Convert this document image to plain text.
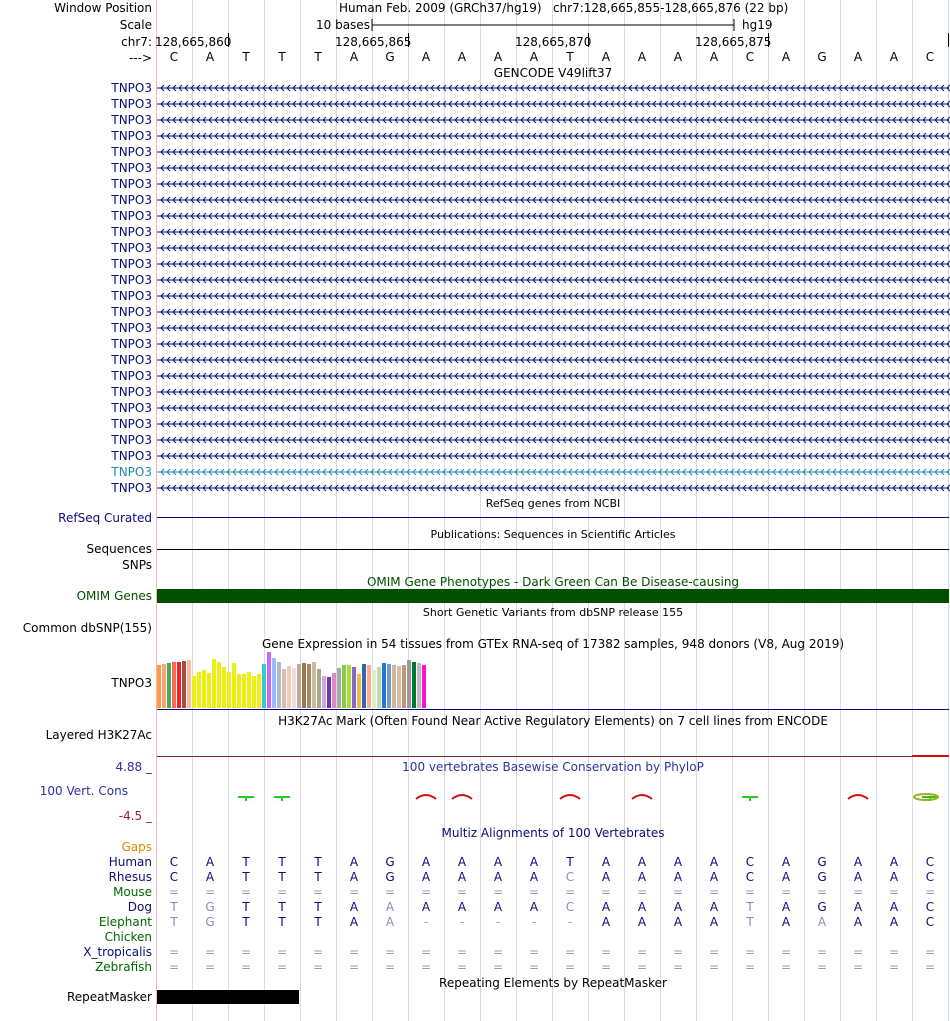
Window Position
Scale
chr7:
--->
Human Feb. 2009 (GRCh37/hg19)   chr7:128,665,855-128,665,876 (22 bp)
10 bases	hg19
128,665,860	128,665,865	128,665,870	128,665,875
C	A	T	T	T	A	G	A	A	A	A	T	A	A	A	A	C	A	G	A	A	C
GENCODE V49lift37
TNPO3
TNPO3
TNPO3
TNPO3
TNPO3
TNPO3
TNPO3
TNPO3
TNPO3
TNPO3
TNPO3
TNPO3
TNPO3
TNPO3
TNPO3
TNPO3
TNPO3
TNPO3
TNPO3
TNPO3
TNPO3
TNPO3
TNPO3
TNPO3
TNPO3
TNPO3
RefSeq genes from NCBI
RefSeq Curated
Publications: Sequences in Scientific Articles
Sequences
SNPs
OMIM Gene Phenotypes - Dark Green Can Be Disease-causing
OMIM Genes
Short Genetic Variants from dbSNP release 155
Common dbSNP(155)
Gene Expression in 54 tissues from GTEx RNA-seq of 17382 samples, 948 donors (V8, Aug 2019)
TNPO3
H3K27Ac Mark (Often Found Near Active Regulatory Elements) on 7 cell lines from ENCODE
Layered H3K27Ac
4.88 _	100 vertebrates Basewise Conservation by PhyloP
100 Vert. Cons
-4.5 _
Multiz Alignments of 100 Vertebrates
Gaps
Human	C	A	T	T	T	A	G	A	A	A	A	T	A	A	A	A	C	A	G	A	A	C
Rhesus	C	A	T	T	T	A	G	A	A	A	A	C	A	A	A	A	C	A	G	A	A	C
Mouse	=	=	=	=	=	=	=	=	=	=	=	=	=	=	=	=	=	=	=	=	=	=
Dog	T	G	T	T	T	A	A	A	A	A	A	C	A	A	A	A	T	A	G	A	A	C
Elephant	T	G	T	T	T	A	A	-	-	-	-	-	A	A	A	A	T	A	A	A	A	C
Chicken
X_tropicalis	=	=	=	=	=	=	=	=	=	=	=	=	=	=	=	=	=	=	=	=	=	=
Zebrafish	=	=	=	=	=	=	=	=	=	=	=	=	=	=	=	=	=	=	=	=	=	=
Repeating Elements by RepeatMasker
RepeatMasker
